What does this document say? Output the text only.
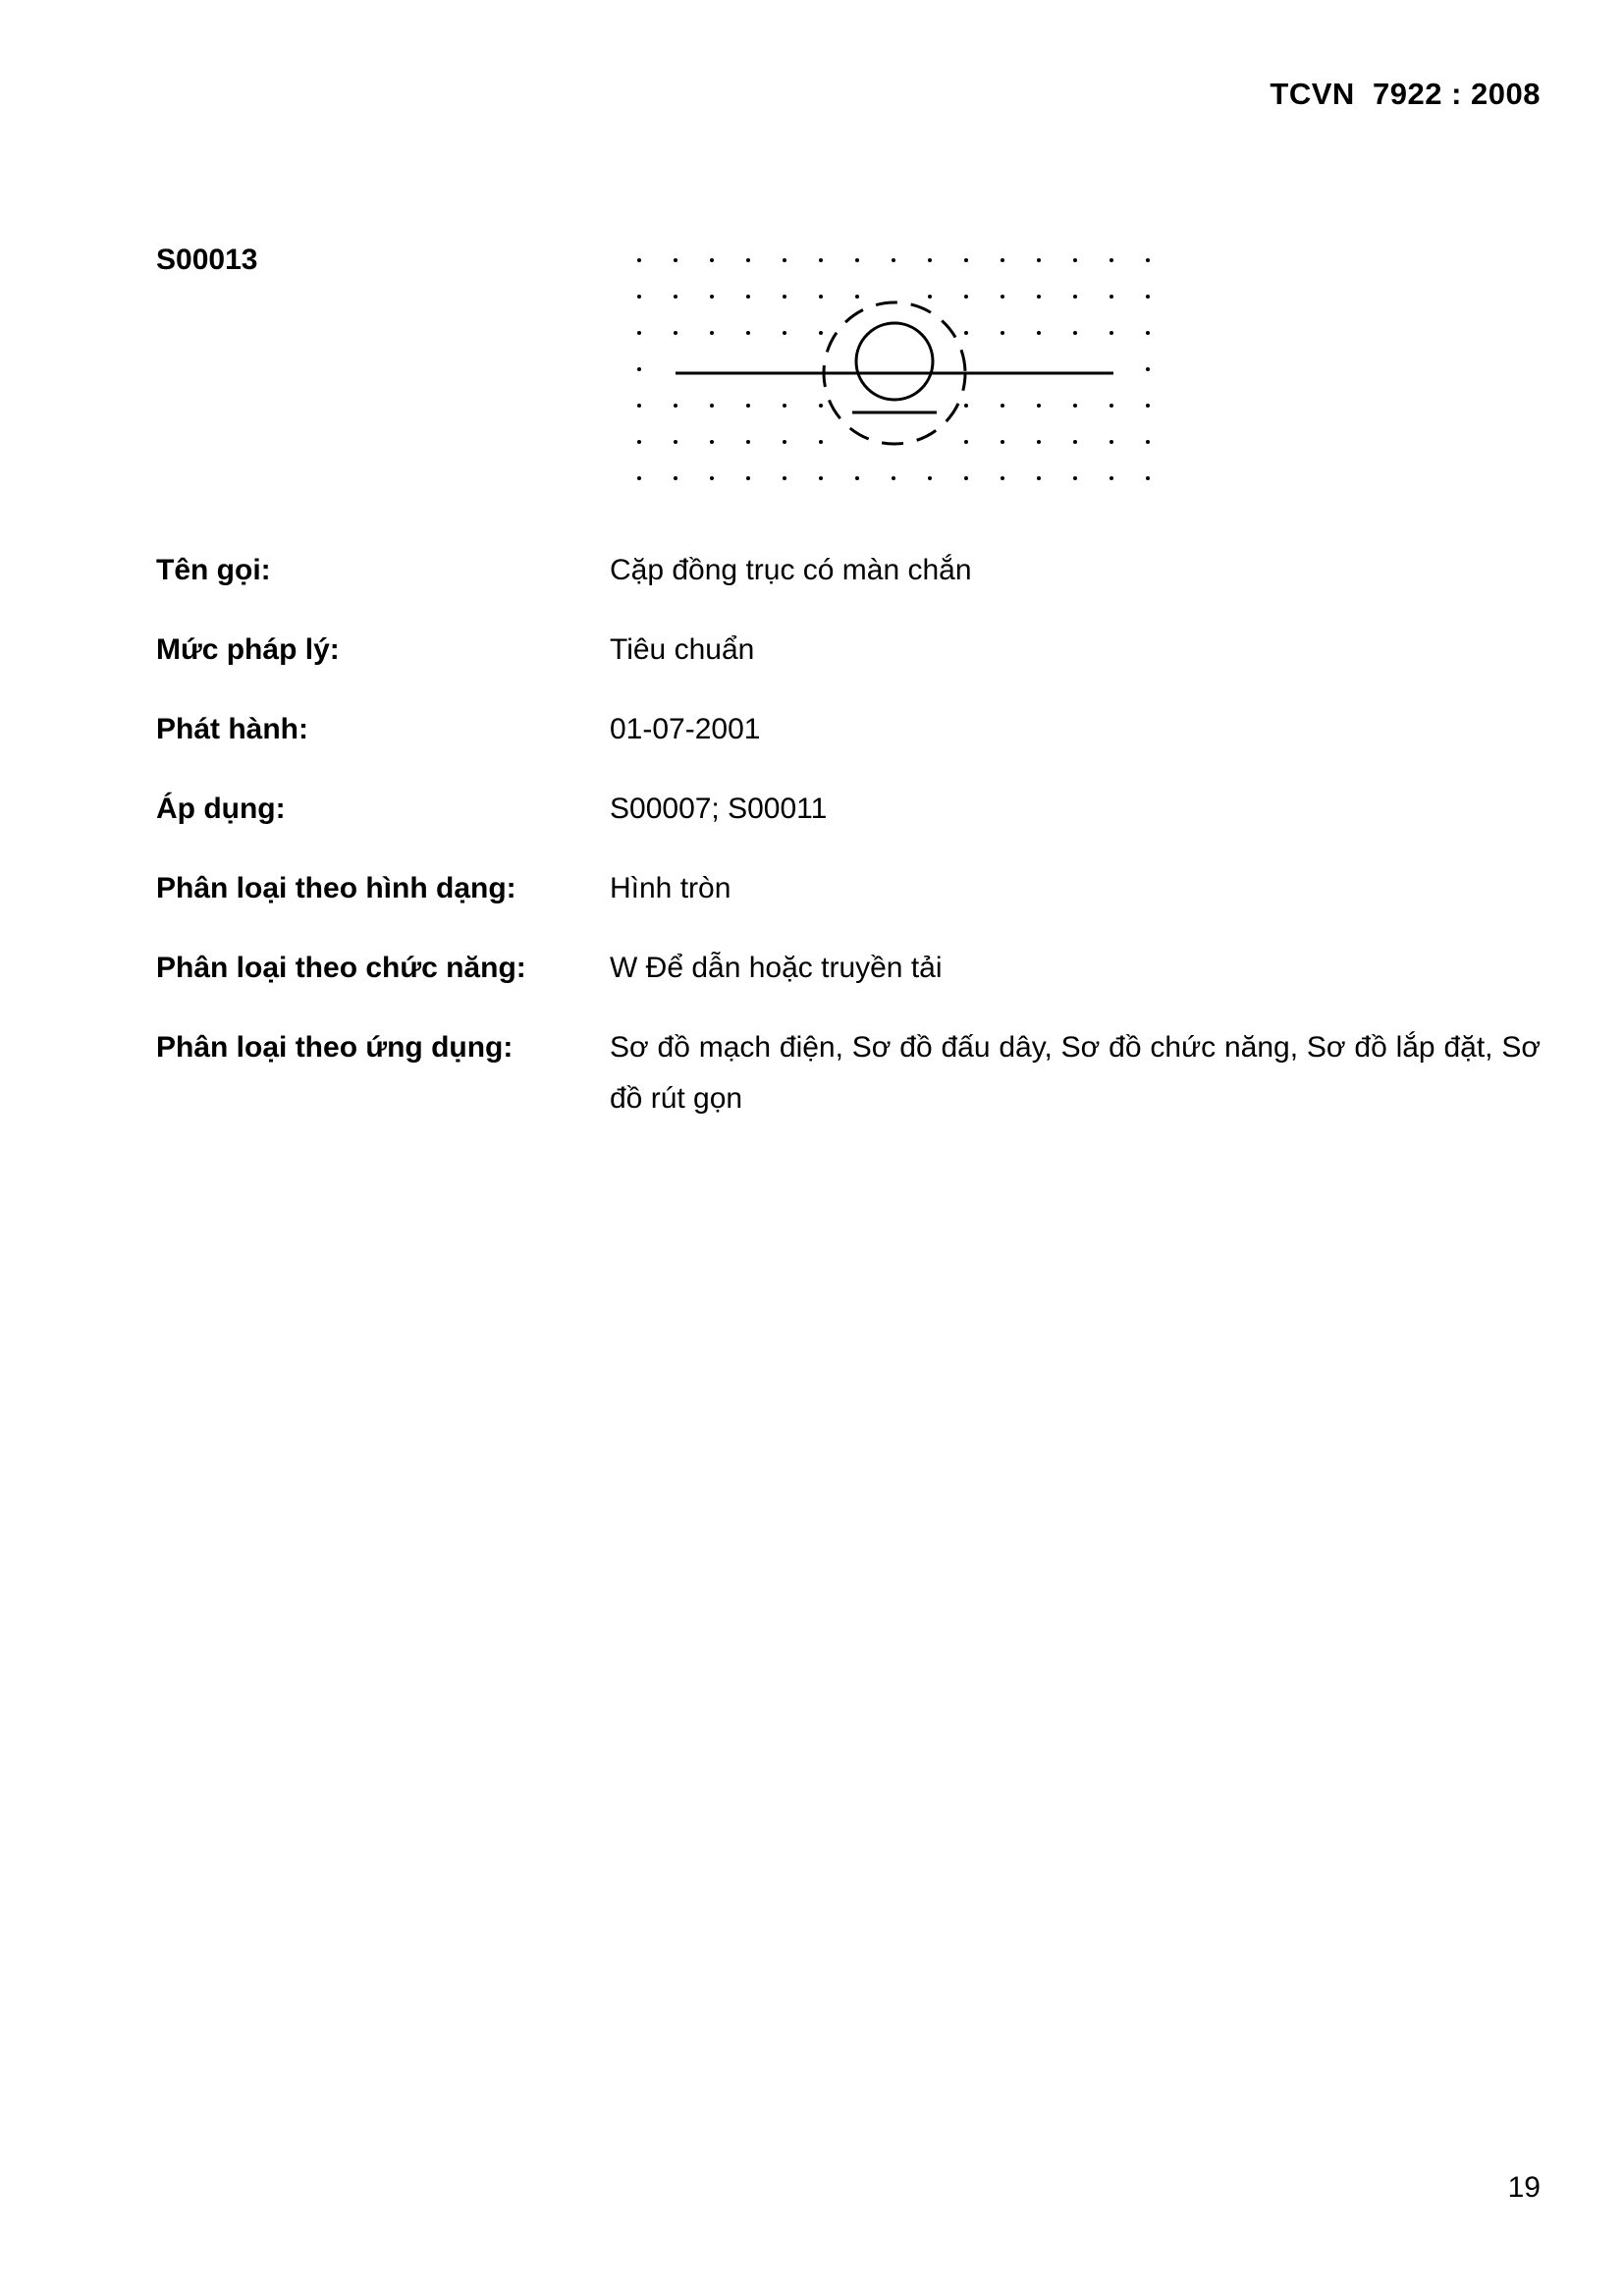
TCVN  7922 : 2008
S00013
Tên gọi:	Cặp đồng trục có màn chắn
Mức pháp lý:	Tiêu chuẩn
Phát hành:	01-07-2001
Áp dụng:	S00007; S00011
Phân loại theo hình dạng:	Hình tròn
Phân loại theo chức năng:	W Để dẫn hoặc truyền tải
Phân loại theo ứng dụng:	Sơ đồ mạch điện, Sơ đồ đấu dây, Sơ đồ chức năng, Sơ đồ lắp đặt, Sơ đồ rút gọn
19
